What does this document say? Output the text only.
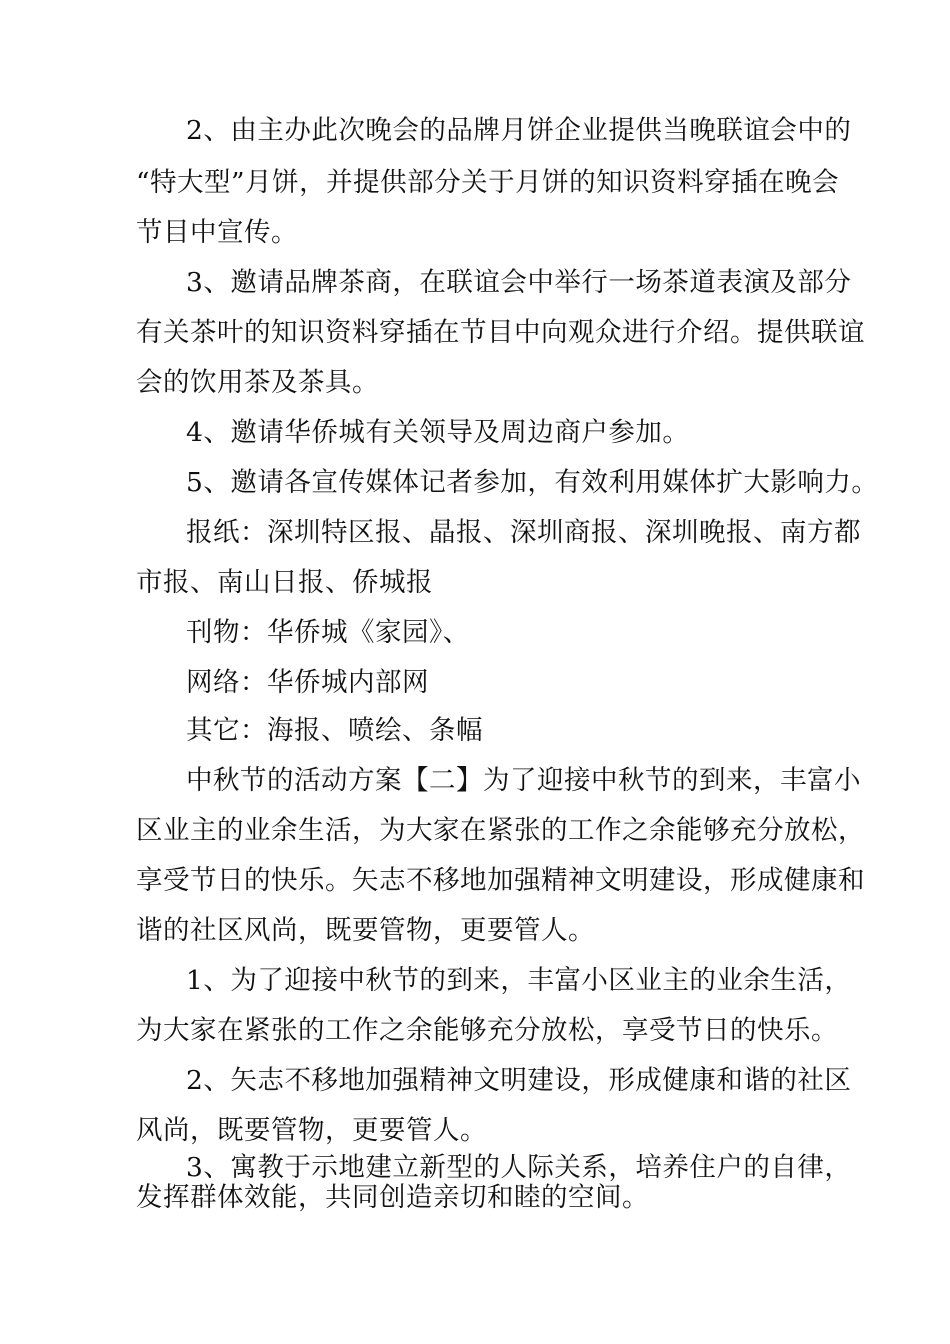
2、由主办此次晚会的品牌月饼企业提供当晚联谊会中的
“特大型”月饼，并提供部分关于月饼的知识资料穿插在晚会
节目中宣传。
3、邀请品牌茶商，在联谊会中举行一场茶道表演及部分
有关茶叶的知识资料穿插在节目中向观众进行介绍。提供联谊
会的饮用茶及茶具。
4、邀请华侨城有关领导及周边商户参加。
5、邀请各宣传媒体记者参加，有效利用媒体扩大影响力。
报纸：深圳特区报、晶报、深圳商报、深圳晚报、南方都
市报、南山日报、侨城报
刊物：华侨城《家园》、
网络：华侨城内部网
其它：海报、喷绘、条幅
中秋节的活动方案【二】为了迎接中秋节的到来，丰富小
区业主的业余生活，为大家在紧张的工作之余能够充分放松，
享受节日的快乐。矢志不移地加强精神文明建设，形成健康和
谐的社区风尚，既要管物，更要管人。
1、为了迎接中秋节的到来，丰富小区业主的业余生活，
为大家在紧张的工作之余能够充分放松，享受节日的快乐。
2、矢志不移地加强精神文明建设，形成健康和谐的社区
风尚，既要管物，更要管人。
3、寓教于示地建立新型的人际关系，培养住户的自律，
发挥群体效能，共同创造亲切和睦的空间。
